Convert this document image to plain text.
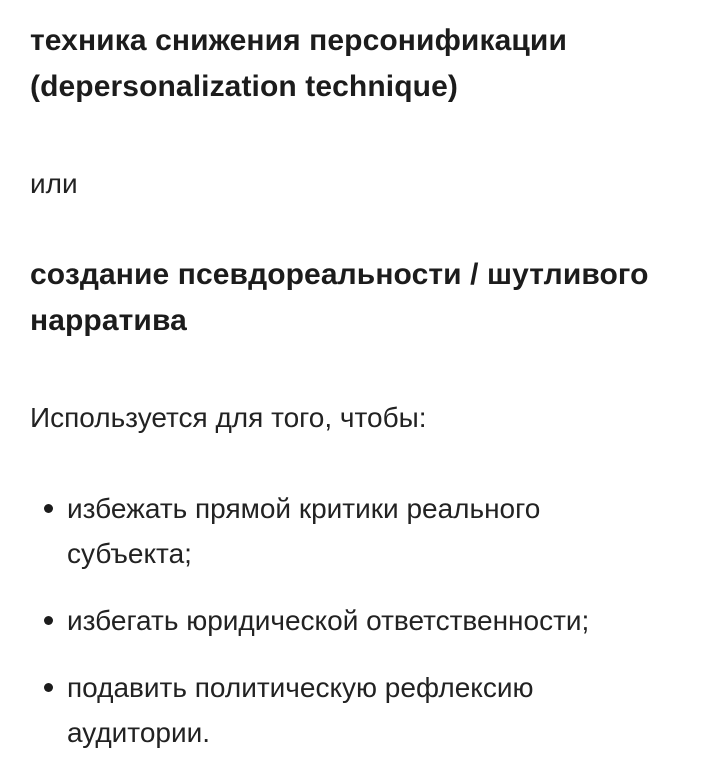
техника снижения персонификации (depersonalization technique)

или

создание псевдореальности / шутливого нарратива

Используется для того, чтобы:

избежать прямой критики реального субъекта;
избегать юридической ответственности;
подавить политическую рефлексию аудитории.
